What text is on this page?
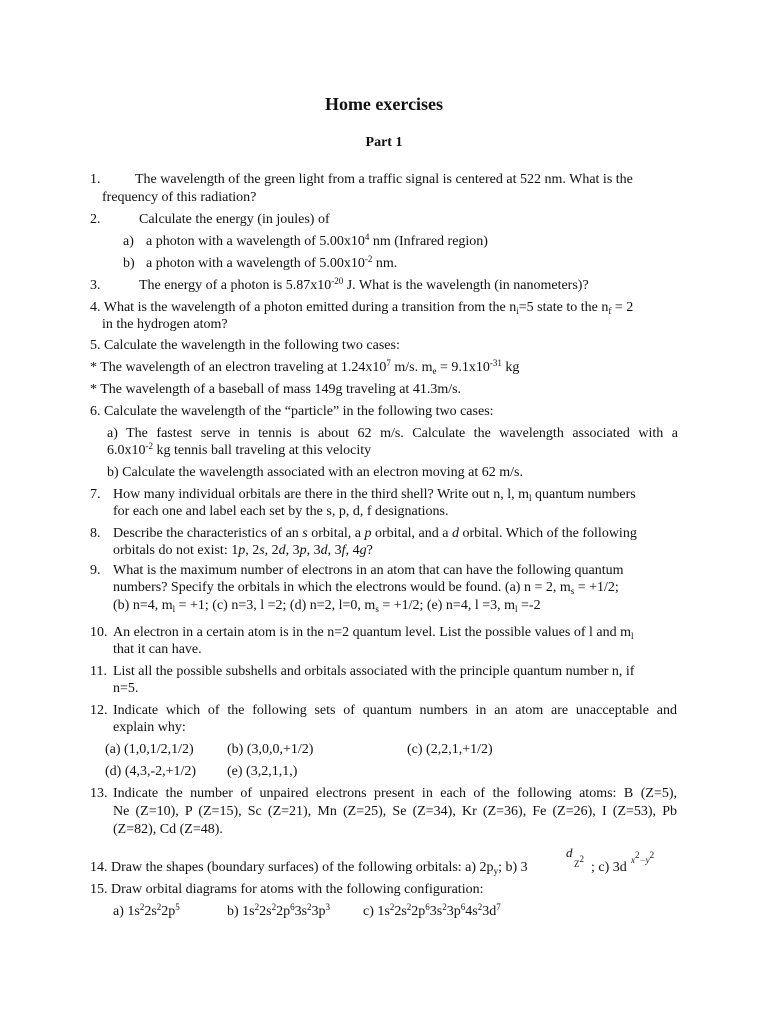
Home exercises
Part 1
1. The wavelength of the green light from a traffic signal is centered at 522 nm. What is the
frequency of this radiation?
2.	Calculate the energy (in joules) of
a) a photon with a wavelength of $5.00x10^4$ nm (Infrared region)
b) a photon with a wavelength of $5.00x10^{-2}$ nm.
3.	The energy of a photon is $5.87x10^{-20}$ J. What is the wavelength (in nanometers)?
4. What is the wavelength of a photon emitted during a transition from the $n_i=5$ state to the $n_f = 2$
in the hydrogen atom?
5. Calculate the wavelength in the following two cases:
* The wavelength of an electron traveling at $1.24x10^7$ m/s. $m_e = 9.1x10^{-31}$ kg
* The wavelength of a baseball of mass 149g traveling at 41.3m/s.
6. Calculate the wavelength of the “particle” in the following two cases:
a) The fastest serve in tennis is about 62 m/s. Calculate the wavelength associated with a
$6.0x10^{-2}$ kg tennis ball traveling at this velocity
b) Calculate the wavelength associated with an electron moving at 62 m/s.
7. How many individual orbitals are there in the third shell? Write out n, l, $m_l$ quantum numbers
for each one and label each set by the s, p, d, f designations.
8. Describe the characteristics of an s orbital, a p orbital, and a d orbital. Which of the following
orbitals do not exist: 1p, 2s, 2d, 3p, 3d, 3f, 4g?
9. What is the maximum number of electrons in an atom that can have the following quantum
numbers? Specify the orbitals in which the electrons would be found. (a) n = 2, $m_s = +1/2$;
(b) n=4, $m_l = +1$; (c) n=3, l =2; (d) n=2, l=0, $m_s = +1/2$; (e) n=4, l =3, $m_l =-2$
10. An electron in a certain atom is in the n=2 quantum level. List the possible values of l and $m_l$
that it can have.
11. List all the possible subshells and orbitals associated with the principle quantum number n, if
n=5.
12. Indicate which of the following sets of quantum numbers in an atom are unacceptable and
explain why:
(a) (1,0,1/2,1/2) (b) (3,0,0,+1/2)	(c) (2,2,1,+1/2)
(d) (4,3,-2,+1/2) (e) (3,2,1,1,)
13. Indicate the number of unpaired electrons present in each of the following atoms: B (Z=5),
Ne (Z=10), P (Z=15), Sc (Z=21), Mn (Z=25), Se (Z=34), Kr (Z=36), Fe (Z=26), I (Z=53), Pb
(Z=82), Cd (Z=48).
14. Draw the shapes (boundary surfaces) of the following orbitals: a) $2p_y$; b) 3
d
$Z^2$
; c) 3d $x^2-y^2$
15. Draw orbital diagrams for atoms with the following configuration:
a) $1s^22s^22p^5$	b) $1s^22s^22p^63s^23p^3$ c) $1s^22s^22p^63s^23p^64s^23d^7$
